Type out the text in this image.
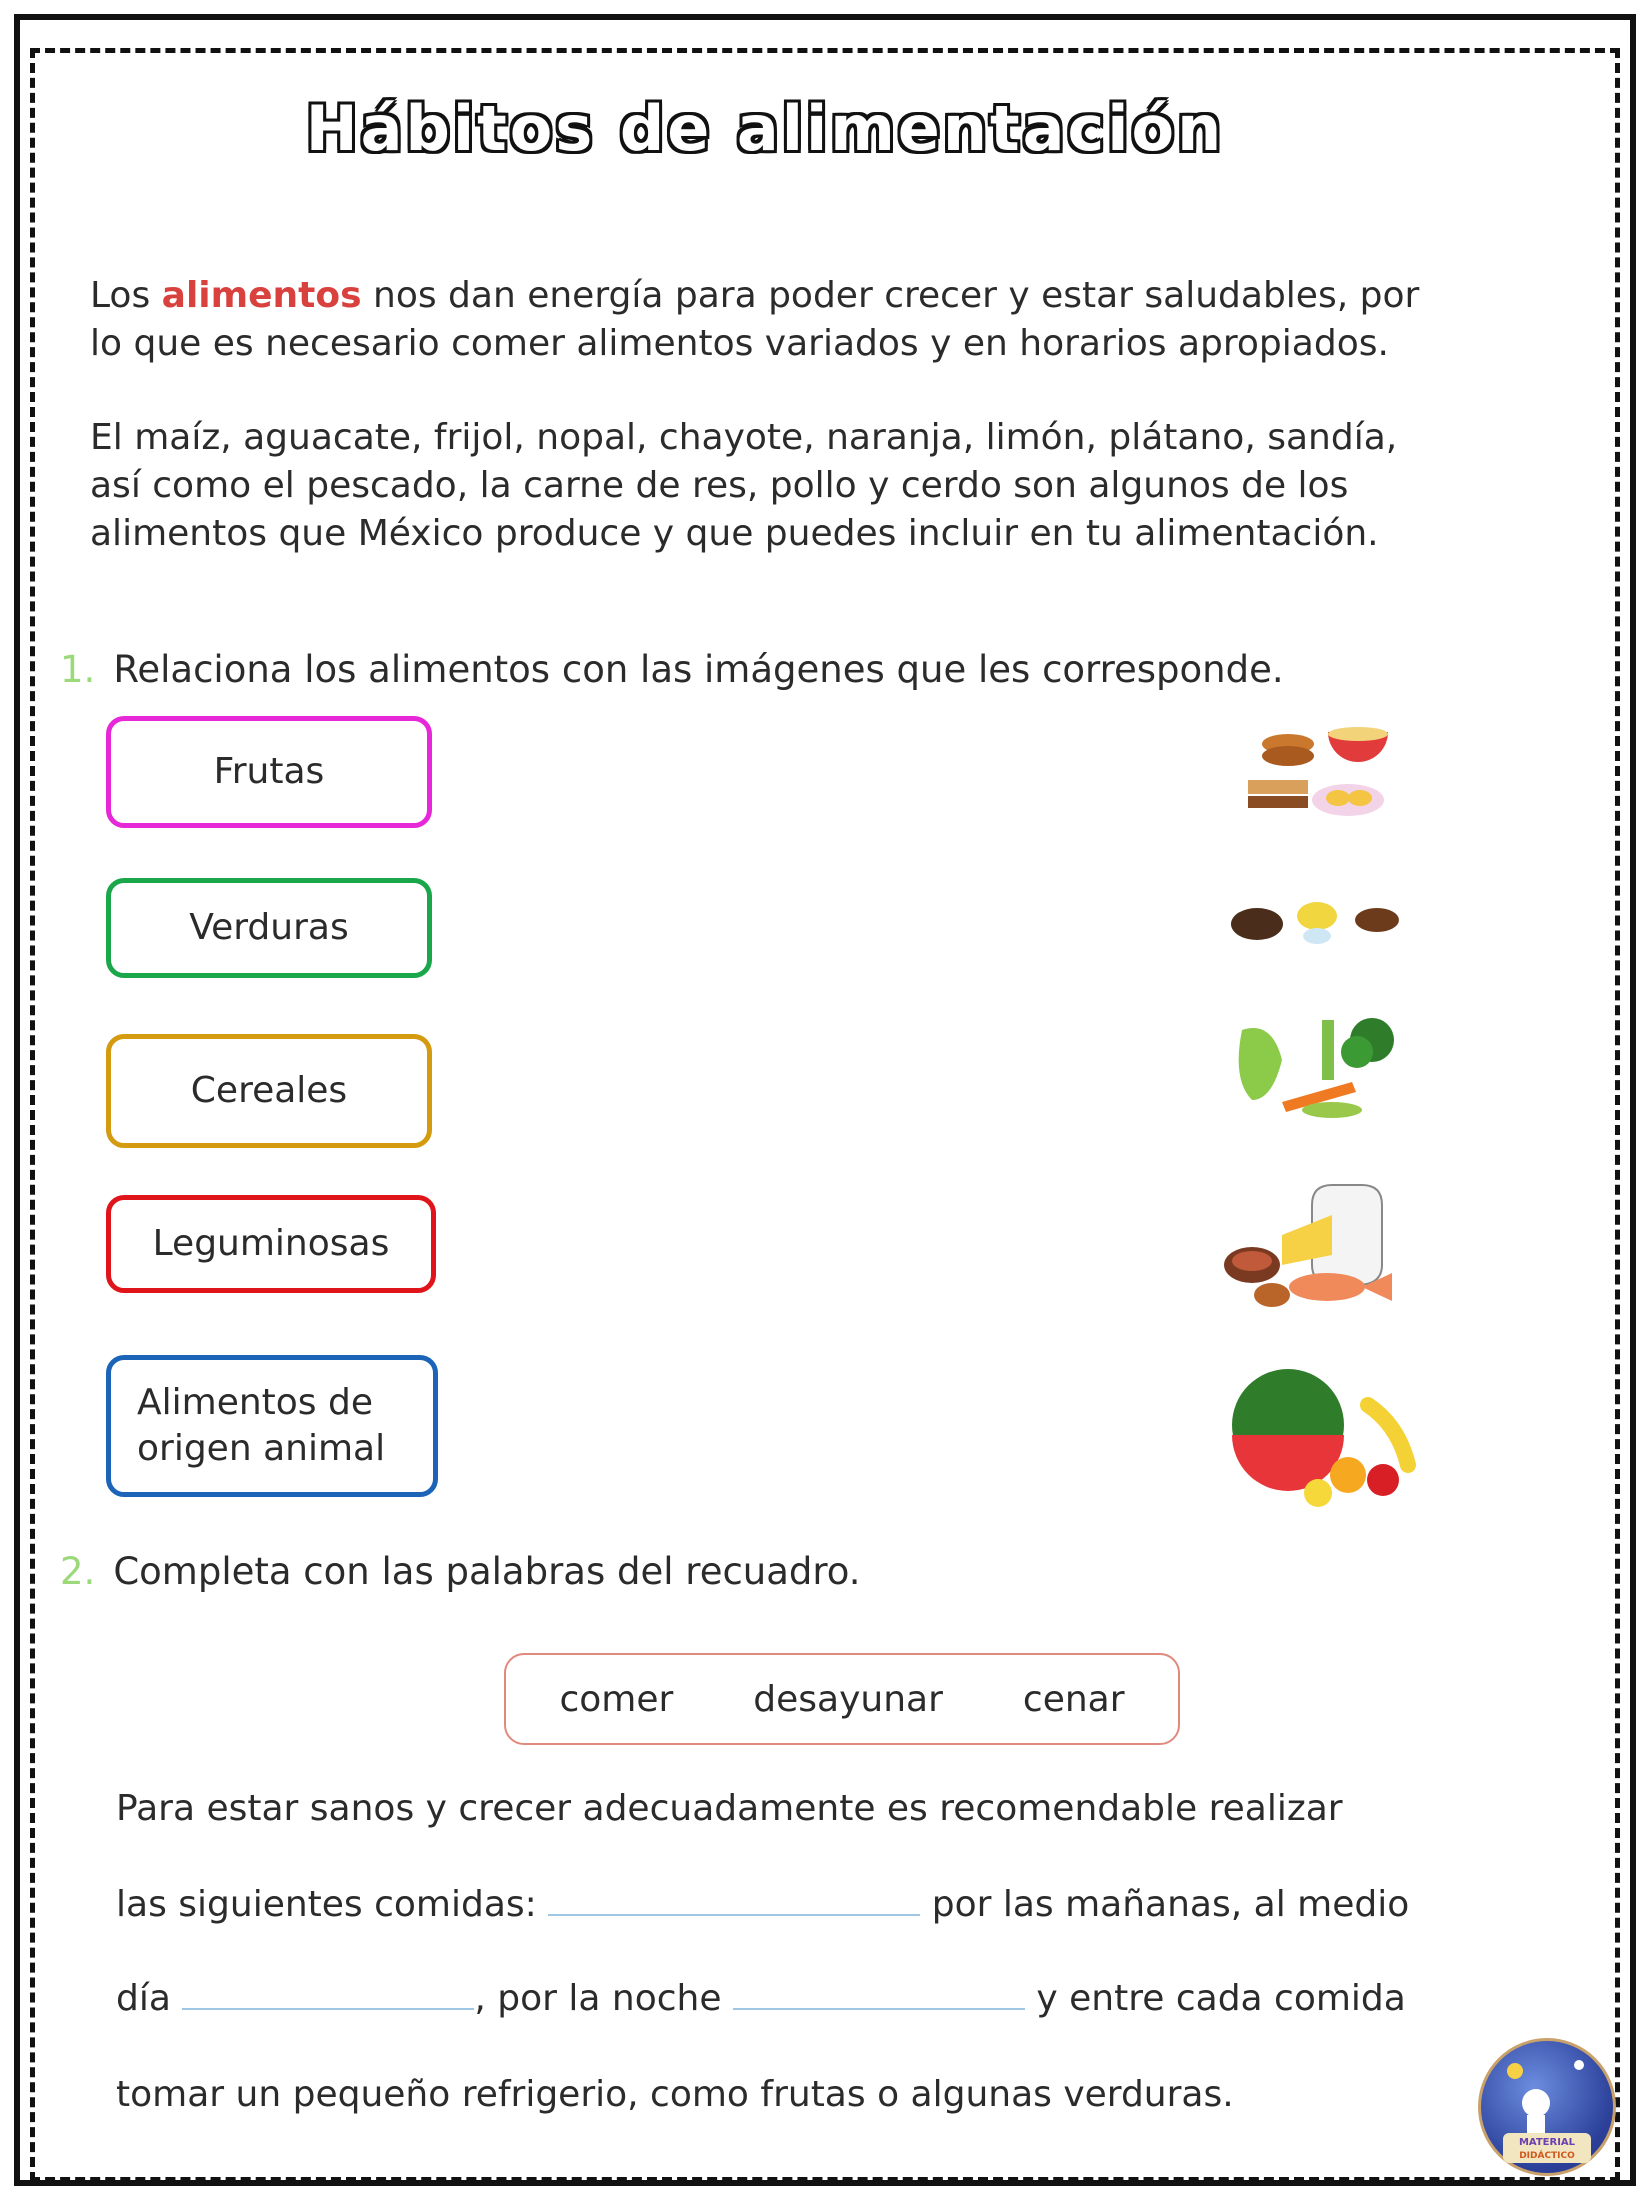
Hábitos de alimentación
Los alimentos nos dan energía para poder crecer y estar saludables, por
lo que es necesario comer alimentos variados y en horarios apropiados.
El maíz, aguacate, frijol, nopal, chayote, naranja, limón, plátano, sandía,
así como el pescado, la carne de res, pollo y cerdo son algunos de los
alimentos que México produce y que puedes incluir en tu alimentación.
1. Relaciona los alimentos con las imágenes que les corresponde.
Frutas
Verduras
Cereales
Leguminosas
Alimentos de
origen animal
2. Completa con las palabras del recuadro.
comer desayunar cenar
Para estar sanos y crecer adecuadamente es recomendable realizar
las siguientes comidas:	por las mañanas, al medio
día	, por la noche	y entre cada comida
tomar un pequeño refrigerio, como frutas o algunas verduras.
MATERIAL
DIDÁCTICO
